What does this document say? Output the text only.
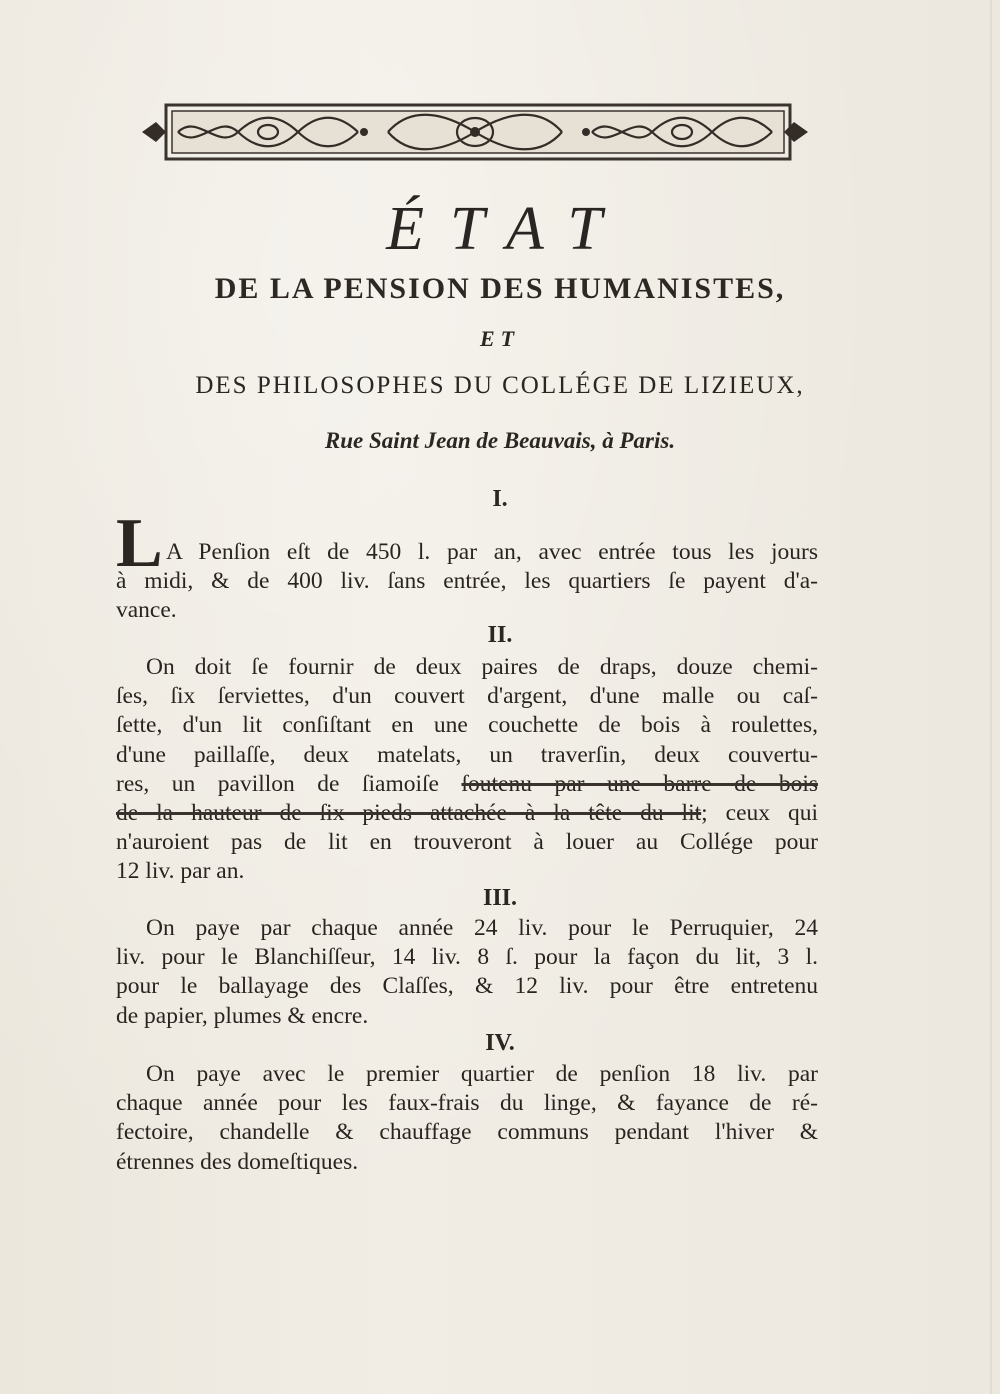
ÉTAT
DE LA PENSION DES HUMANISTES,
ET
DES PHILOSOPHES DU COLLÉGE DE LIZIEUX,
Rue Saint Jean de Beauvais, à Paris.
I.
L A Penſion eſt de 450 l. par an, avec entrée tous les jours
à midi, & de 400 liv. ſans entrée, les quartiers ſe payent d'a-
vance.
II.
On doit ſe fournir de deux paires de draps, douze chemi-
ſes, ſix ſerviettes, d'un couvert d'argent, d'une malle ou caſ-
ſette, d'un lit conſiſtant en une couchette de bois à roulettes,
d'une paillaſſe, deux matelats, un traverſin, deux couvertu-
res, un pavillon de ſiamoiſe ſoutenu par une barre de bois
de la hauteur de ſix pieds attachée à la tête du lit; ceux qui
n'auroient pas de lit en trouveront à louer au Collége pour
12 liv. par an.
III.
On paye par chaque année 24 liv. pour le Perruquier, 24
liv. pour le Blanchiſſeur, 14 liv. 8 ſ. pour la façon du lit, 3 l.
pour le ballayage des Claſſes, & 12 liv. pour être entretenu
de papier, plumes & encre.
IV.
On paye avec le premier quartier de penſion 18 liv. par
chaque année pour les faux-frais du linge, & fayance de ré-
fectoire, chandelle & chauffage communs pendant l'hiver &
étrennes des domeſtiques.
